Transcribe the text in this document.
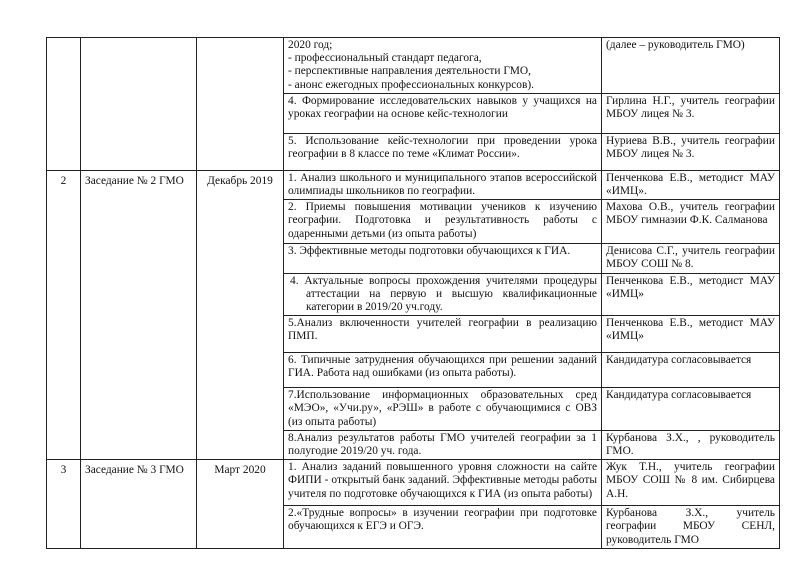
			2020 год;
- профессиональный стандарт педагога,
- перспективные направления деятельности ГМО,
- анонс ежегодных профессиональных конкурсов).	(далее – руководитель ГМО)
			4. Формирование исследовательских навыков у учащихся на уроках географии на основе кейс-технологии	Гирлина Н.Г., учитель географии МБОУ лицея № 3.
			5. Использование кейс-технологии при проведении урока географии в 8 классе по теме «Климат России».	Нуриева В.В., учитель географии МБОУ лицея № 3.
2	Заседание № 2 ГМО	Декабрь 2019	1. Анализ школьного и муниципального этапов всероссийской олимпиады школьников по географии.	Пенченкова Е.В., методист МАУ «ИМЦ».
			2. Приемы повышения мотивации учеников к изучению географии. Подготовка и результативность работы с одаренными детьми (из опыта работы)	Махова О.В., учитель географии МБОУ гимназии Ф.К. Салманова
			3. Эффективные методы подготовки обучающихся к ГИА.	Денисова С.Г., учитель географии МБОУ СОШ № 8.
			4. Актуальные вопросы прохождения учителями процедуры аттестации на первую и высшую квалификационные категории в 2019/20 уч.году.	Пенченкова Е.В., методист МАУ «ИМЦ»
			5.Анализ включенности учителей географии в реализацию ПМП.	Пенченкова Е.В., методист МАУ «ИМЦ»
			6. Типичные затруднения обучающихся при решении заданий ГИА. Работа над ошибками (из опыта работы).	Кандидатура согласовывается
			7.Использование информационных образовательных сред «МЭО», «Учи.ру», «РЭШ» в работе с обучающимися с ОВЗ (из опыта работы)	Кандидатура согласовывается
			8.Анализ результатов работы ГМО учителей географии за 1 полугодие 2019/20 уч. года.	Курбанова З.Х., , руководитель ГМО.
3	Заседание № 3 ГМО	Март 2020	1. Анализ заданий повышенного уровня сложности на сайте ФИПИ - открытый банк заданий. Эффективные методы работы учителя по подготовке обучающихся к ГИА (из опыта работы)	Жук Т.Н., учитель географии МБОУ СОШ № 8 им. Сибирцева А.Н.
			2.«Трудные вопросы» в изучении географии при подготовке обучающихся к ЕГЭ и ОГЭ.	Курбанова З.Х., учитель географии МБОУ СЕНЛ, руководитель ГМО
